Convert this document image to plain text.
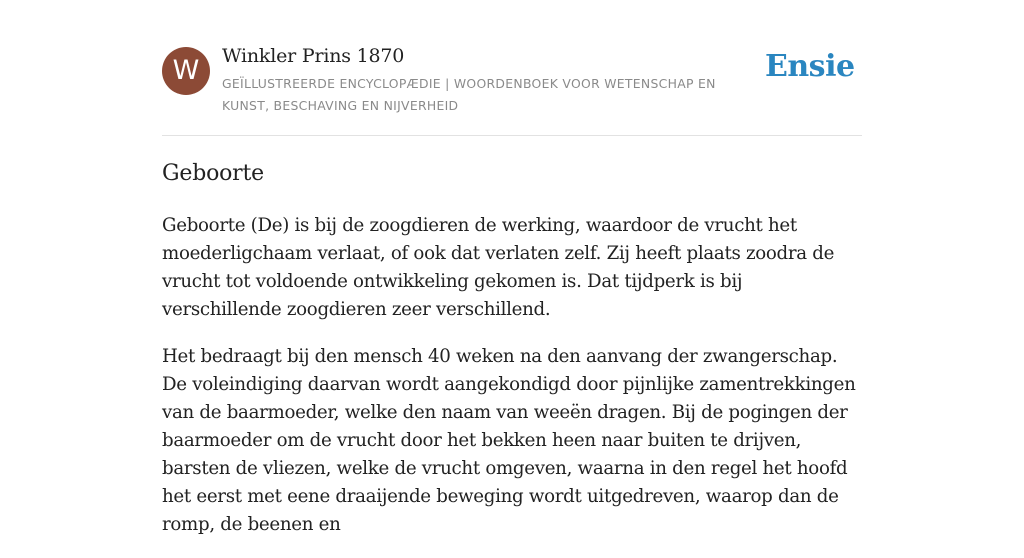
W	Winkler Prins 1870
GEÏLLUSTREERDE ENCYCLOPÆDIE | WOORDENBOEK VOOR WETENSCHAP EN KUNST, BESCHAVING EN NIJVERHEID
Ensie
Geboorte

Geboorte (De) is bij de zoogdieren de werking, waardoor de vrucht het moederligchaam verlaat, of ook dat verlaten zelf. Zij heeft plaats zoodra de vrucht tot voldoende ontwikkeling gekomen is. Dat tijdperk is bij verschillende zoogdieren zeer verschillend.

Het bedraagt bij den mensch 40 weken na den aanvang der zwangerschap. De voleindiging daarvan wordt aangekondigd door pijnlijke zamentrekkingen van de baarmoeder, welke den naam van weeën dragen. Bij de pogingen der baarmoeder om de vrucht door het bekken heen naar buiten te drijven, barsten de vliezen, welke de vrucht omgeven, waarna in den regel het hoofd het eerst met eene draaijende beweging wordt uitgedreven, waarop dan de romp, de beenen en
